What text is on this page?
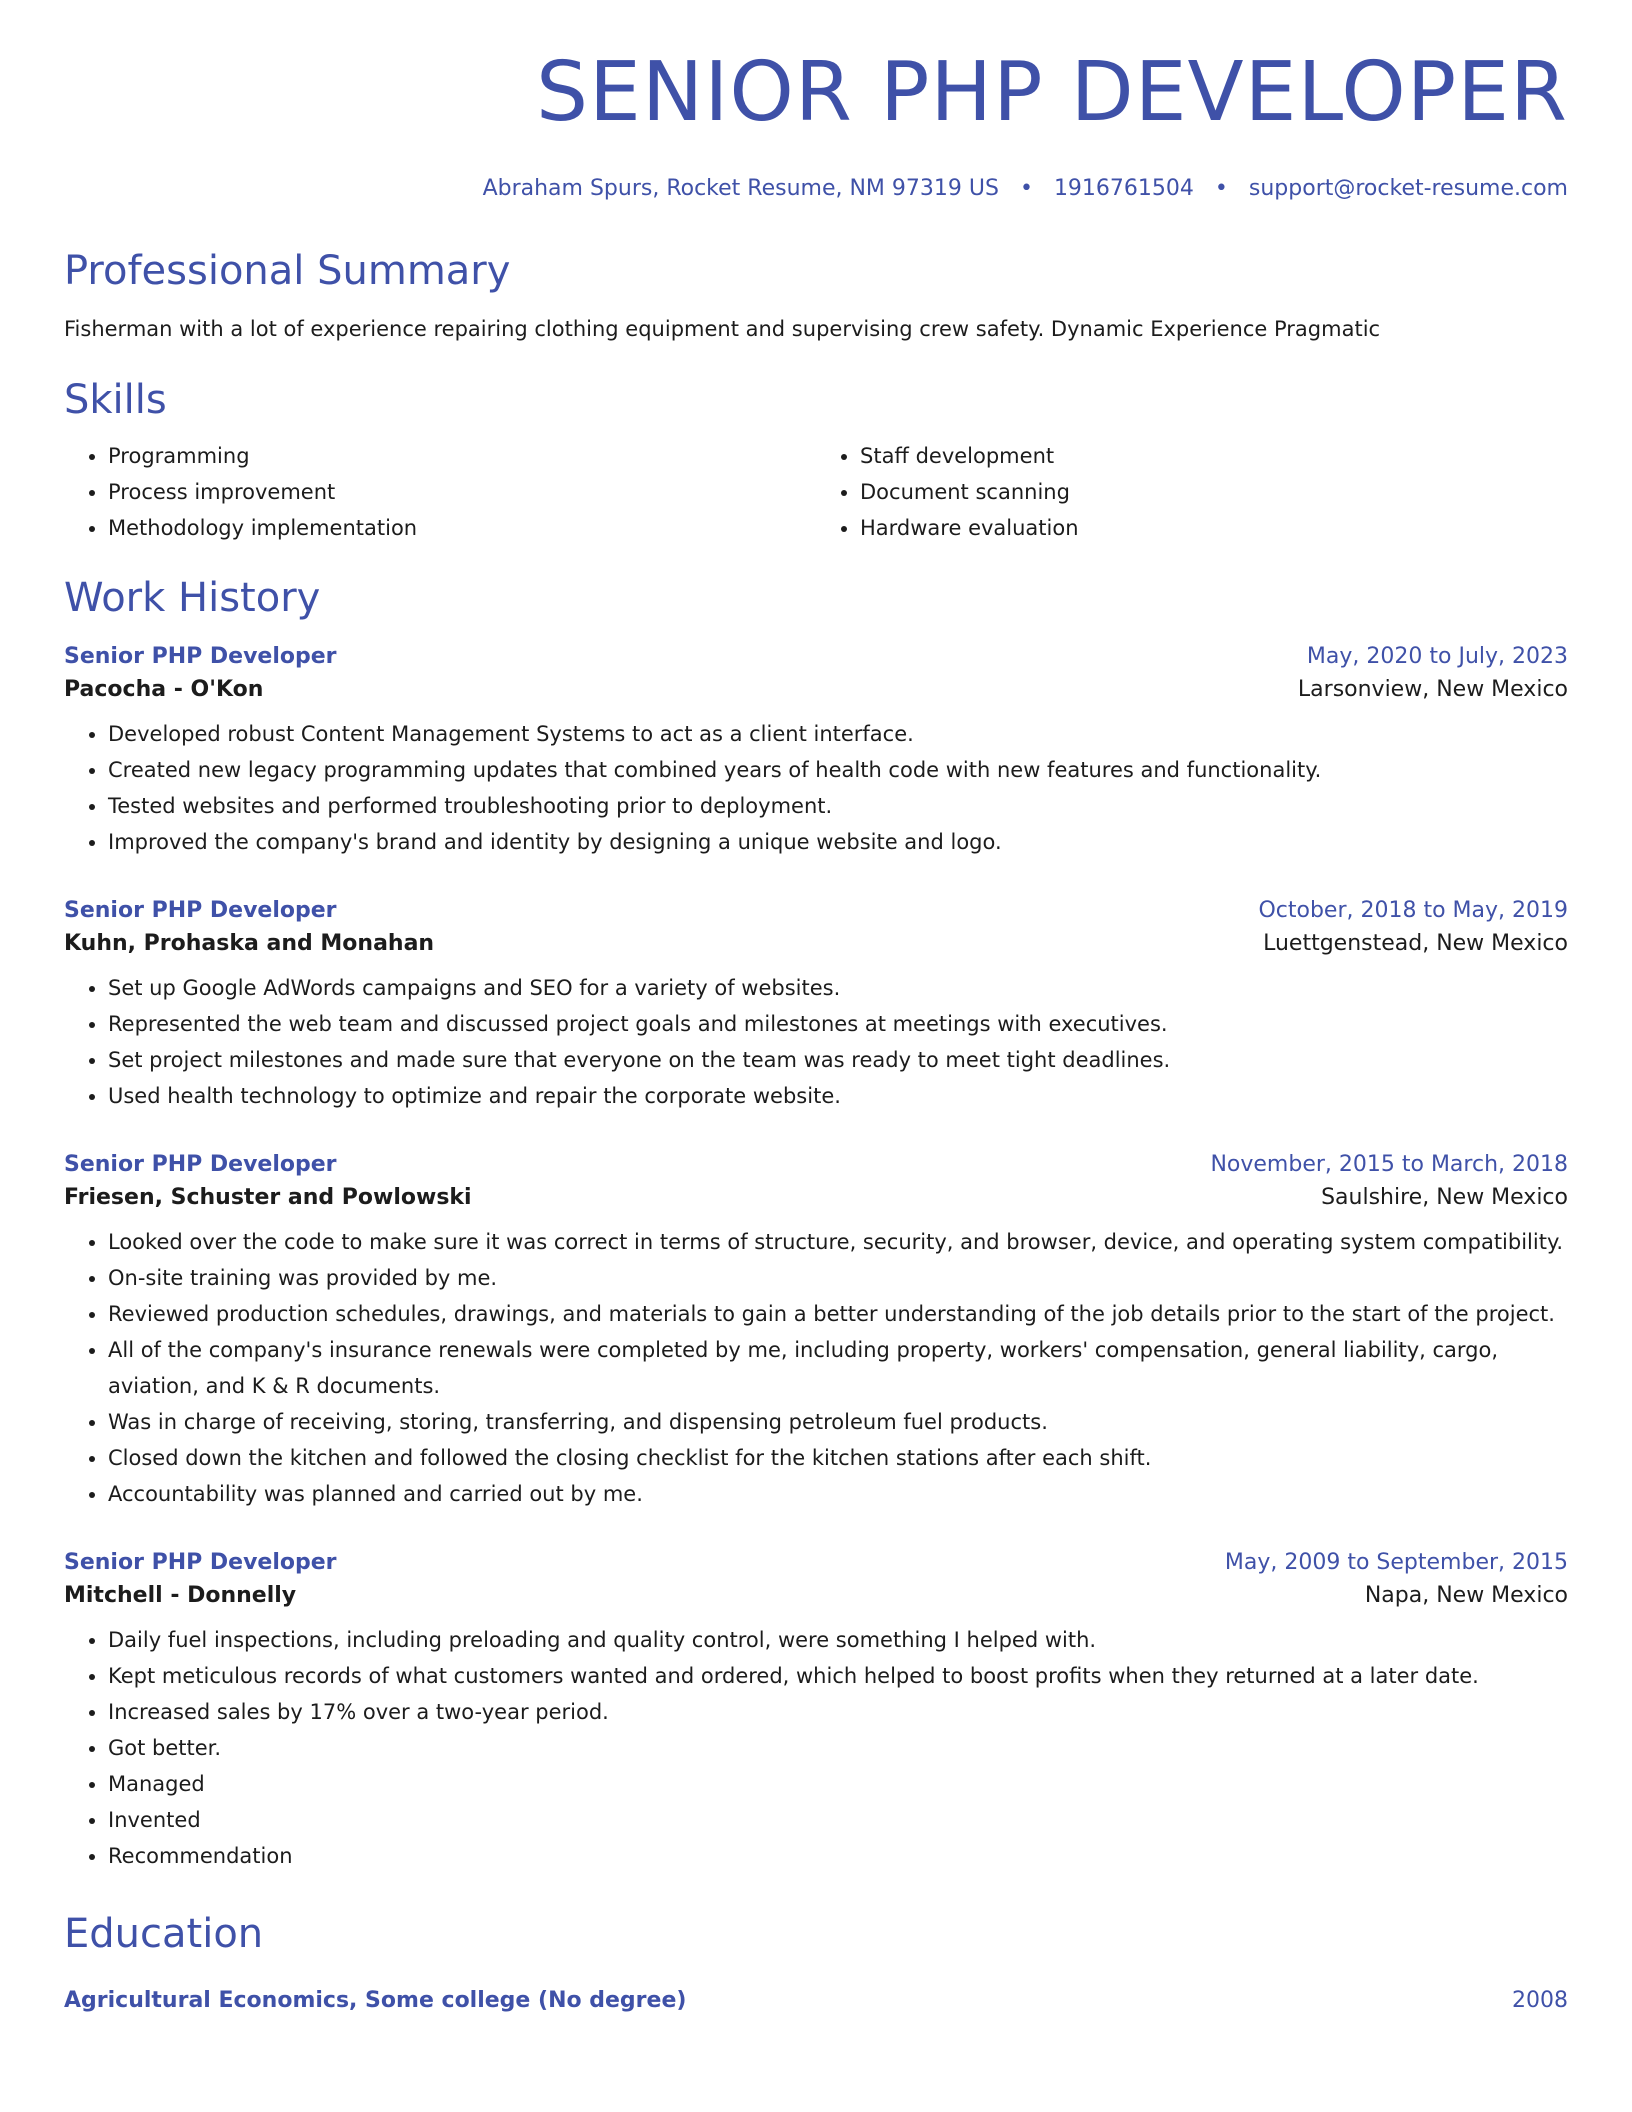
SENIOR PHP DEVELOPER
Abraham Spurs, Rocket Resume, NM 97319 US • 1916761504 • support@rocket-resume.com
Professional Summary
Fisherman with a lot of experience repairing clothing equipment and supervising crew safety. Dynamic Experience Pragmatic
Skills
• Programming
• Process improvement
• Methodology implementation
• Staff development
• Document scanning
• Hardware evaluation
Work History
Senior PHP Developer	May, 2020 to July, 2023
Pacocha - O'Kon	Larsonview, New Mexico
• Developed robust Content Management Systems to act as a client interface.
• Created new legacy programming updates that combined years of health code with new features and functionality.
• Tested websites and performed troubleshooting prior to deployment.
• Improved the company's brand and identity by designing a unique website and logo.
Senior PHP Developer	October, 2018 to May, 2019
Kuhn, Prohaska and Monahan	Luettgenstead, New Mexico
• Set up Google AdWords campaigns and SEO for a variety of websites.
• Represented the web team and discussed project goals and milestones at meetings with executives.
• Set project milestones and made sure that everyone on the team was ready to meet tight deadlines.
• Used health technology to optimize and repair the corporate website.
Senior PHP Developer	November, 2015 to March, 2018
Friesen, Schuster and Powlowski	Saulshire, New Mexico
• Looked over the code to make sure it was correct in terms of structure, security, and browser, device, and operating system compatibility.
• On-site training was provided by me.
• Reviewed production schedules, drawings, and materials to gain a better understanding of the job details prior to the start of the project.
• All of the company's insurance renewals were completed by me, including property, workers' compensation, general liability, cargo, aviation, and K & R documents.
• Was in charge of receiving, storing, transferring, and dispensing petroleum fuel products.
• Closed down the kitchen and followed the closing checklist for the kitchen stations after each shift.
• Accountability was planned and carried out by me.
Senior PHP Developer	May, 2009 to September, 2015
Mitchell - Donnelly	Napa, New Mexico
• Daily fuel inspections, including preloading and quality control, were something I helped with.
• Kept meticulous records of what customers wanted and ordered, which helped to boost profits when they returned at a later date.
• Increased sales by 17% over a two-year period.
• Got better.
• Managed
• Invented
• Recommendation
Education
Agricultural Economics, Some college (No degree)	2008
